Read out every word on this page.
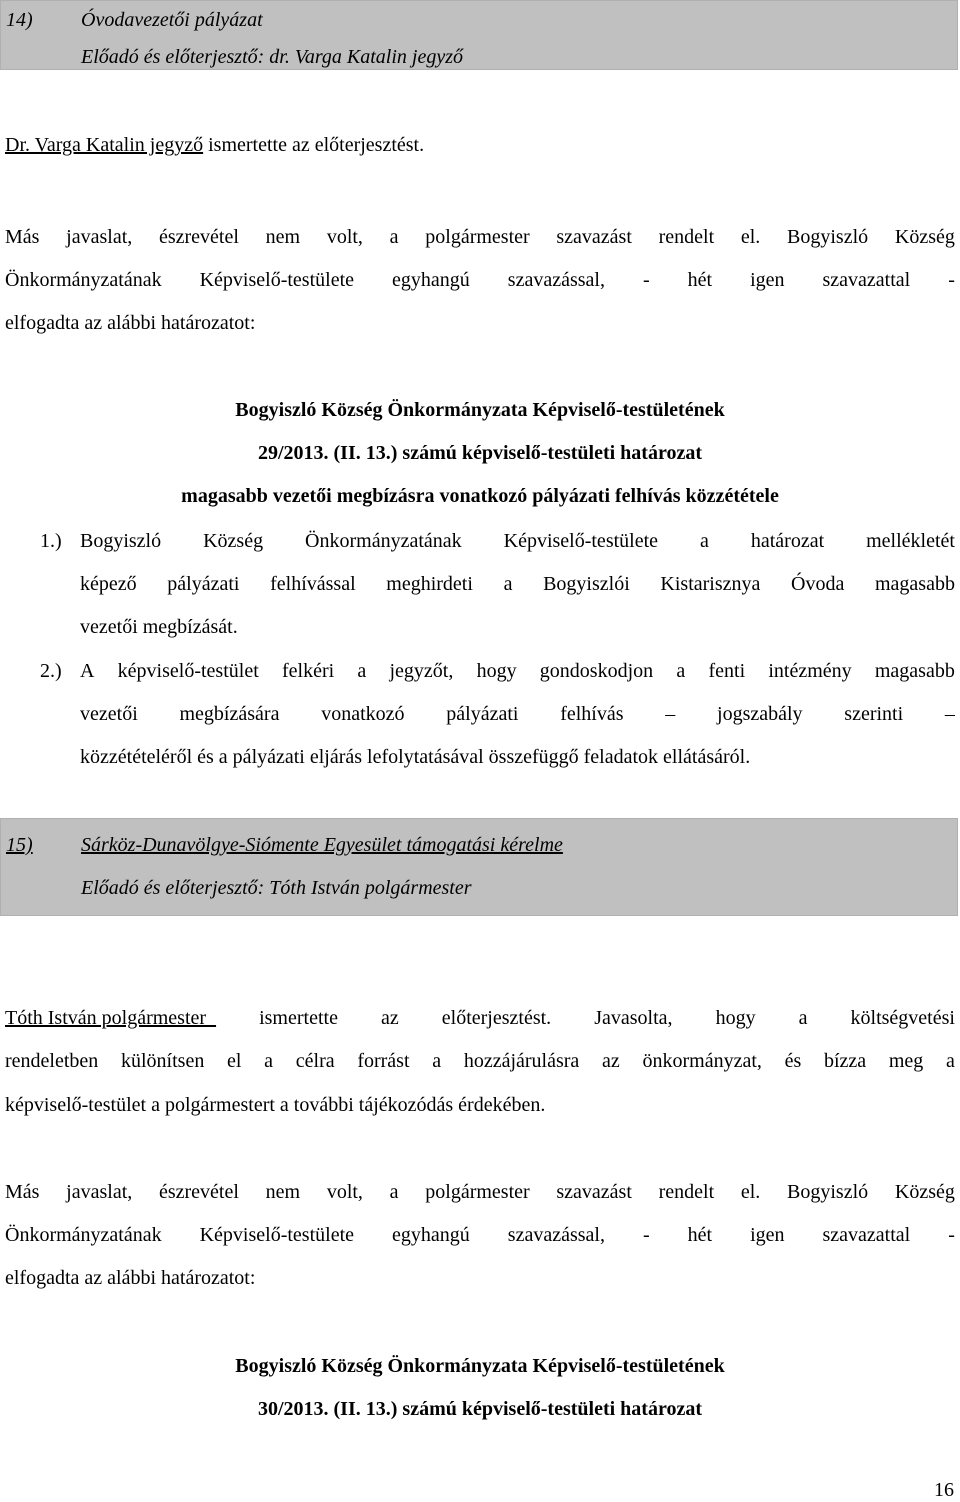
14) Óvodavezetői pályázat
Előadó és előterjesztő: dr. Varga Katalin jegyző
Dr. Varga Katalin jegyző ismertette az előterjesztést.
Más javaslat, észrevétel nem volt, a polgármester szavazást rendelt el. Bogyiszló Község
Önkormányzatának Képviselő-testülete egyhangú szavazással, - hét igen szavazattal -
elfogadta az alábbi határozatot:
Bogyiszló Község Önkormányzata Képviselő-testületének
29/2013. (II. 13.) számú képviselő-testületi határozat
magasabb vezetői megbízásra vonatkozó pályázati felhívás közzététele
1.) Bogyiszló Község Önkormányzatának Képviselő-testülete a határozat mellékletét
képező pályázati felhívással meghirdeti a Bogyiszlói Kistarisznya Óvoda magasabb
vezetői megbízását.
2.) A képviselő-testület felkéri a jegyzőt, hogy gondoskodjon a fenti intézmény magasabb
vezetői megbízására vonatkozó pályázati felhívás – jogszabály szerinti –
közzétételéről és a pályázati eljárás lefolytatásával összefüggő feladatok ellátásáról.
15) Sárköz-Dunavölgye-Siómente Egyesület támogatási kérelme
Előadó és előterjesztő: Tóth István polgármester
Tóth István polgármester ismertette az előterjesztést. Javasolta, hogy a költségvetési
rendeletben különítsen el a célra forrást a hozzájárulásra az önkormányzat, és bízza meg a
képviselő-testület a polgármestert a további tájékozódás érdekében.
Más javaslat, észrevétel nem volt, a polgármester szavazást rendelt el. Bogyiszló Község
Önkormányzatának Képviselő-testülete egyhangú szavazással, - hét igen szavazattal -
elfogadta az alábbi határozatot:
Bogyiszló Község Önkormányzata Képviselő-testületének
30/2013. (II. 13.) számú képviselő-testületi határozat
16
